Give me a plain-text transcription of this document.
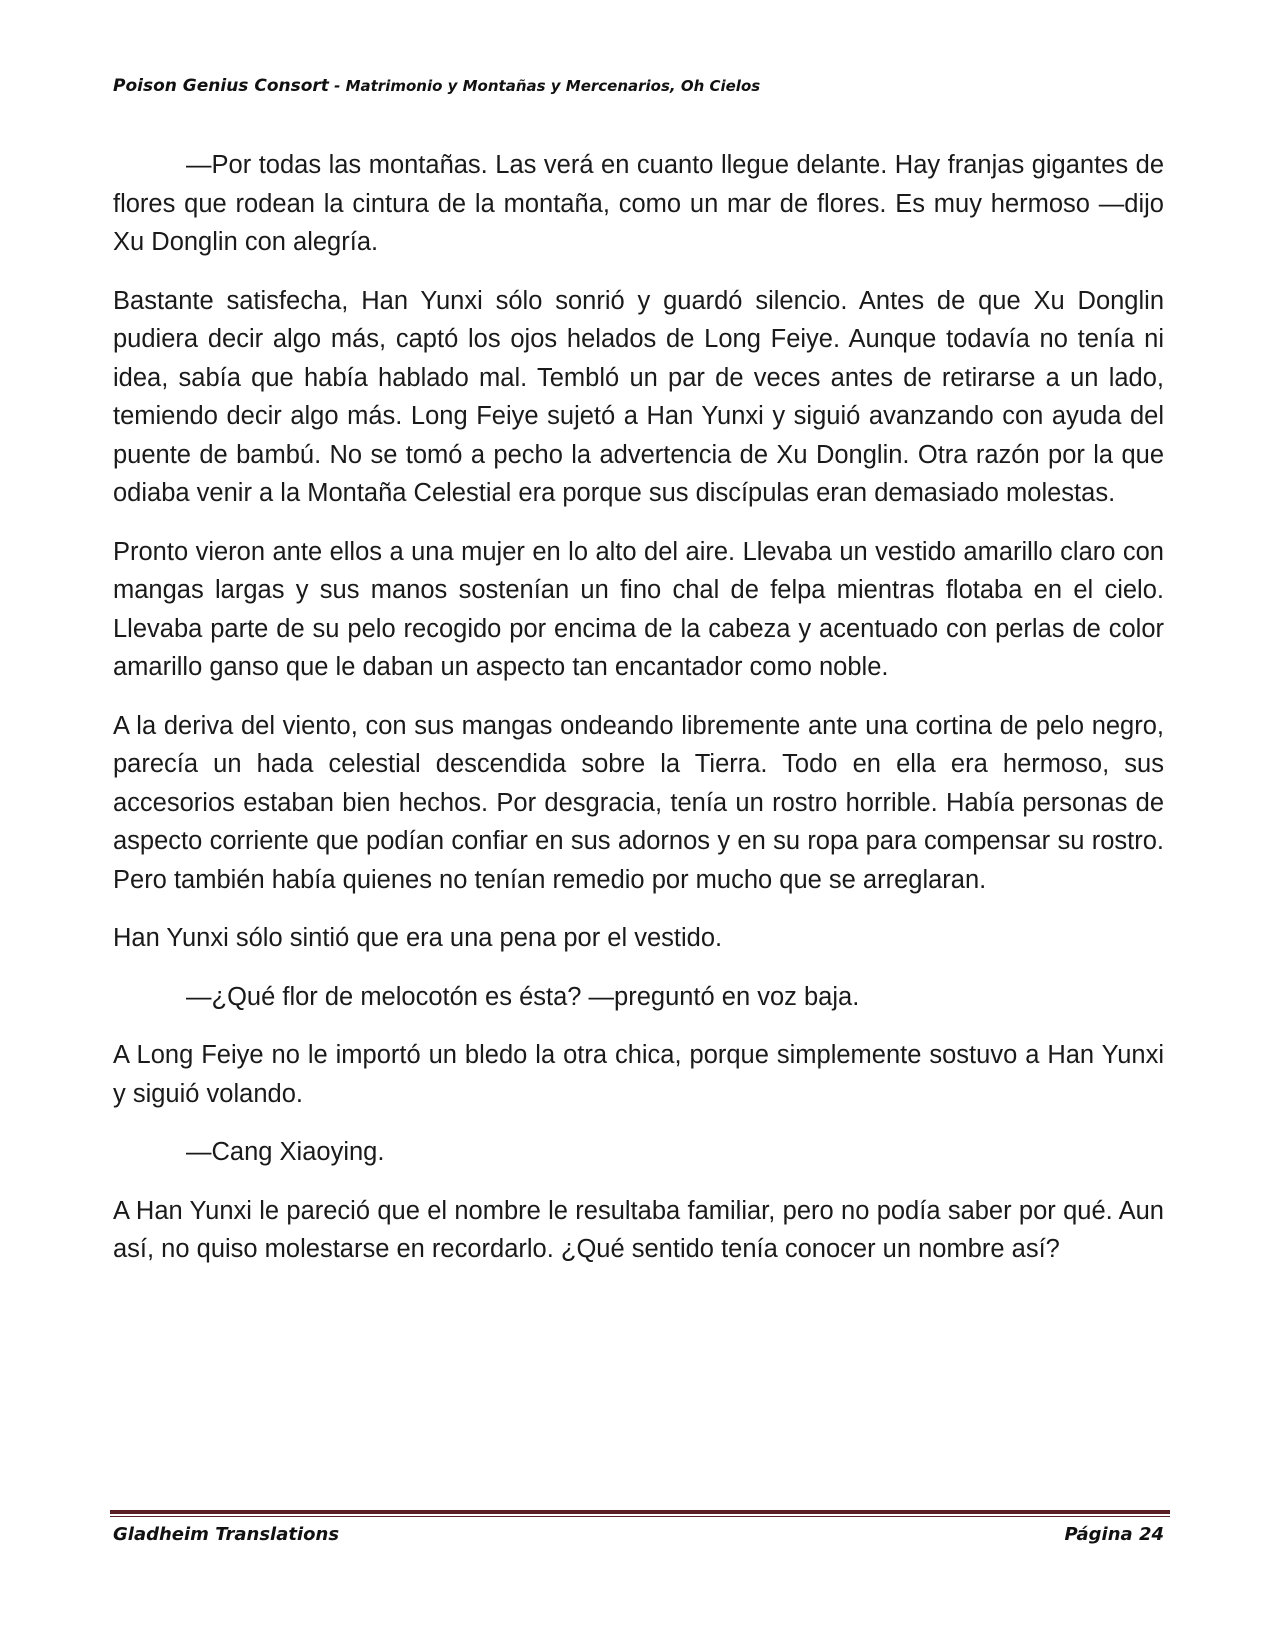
Poison Genius Consort - Matrimonio y Montañas y Mercenarios, Oh Cielos

—Por todas las montañas. Las verá en cuanto llegue delante. Hay franjas gigantes de flores que rodean la cintura de la montaña, como un mar de flores. Es muy hermoso —dijo Xu Donglin con alegría.

Bastante satisfecha, Han Yunxi sólo sonrió y guardó silencio. Antes de que Xu Donglin pudiera decir algo más, captó los ojos helados de Long Feiye. Aunque todavía no tenía ni idea, sabía que había hablado mal. Tembló un par de veces antes de retirarse a un lado, temiendo decir algo más. Long Feiye sujetó a Han Yunxi y siguió avanzando con ayuda del puente de bambú. No se tomó a pecho la advertencia de Xu Donglin. Otra razón por la que odiaba venir a la Montaña Celestial era porque sus discípulas eran demasiado molestas.

Pronto vieron ante ellos a una mujer en lo alto del aire. Llevaba un vestido amarillo claro con mangas largas y sus manos sostenían un fino chal de felpa mientras flotaba en el cielo. Llevaba parte de su pelo recogido por encima de la cabeza y acentuado con perlas de color amarillo ganso que le daban un aspecto tan encantador como noble.

A la deriva del viento, con sus mangas ondeando libremente ante una cortina de pelo negro, parecía un hada celestial descendida sobre la Tierra. Todo en ella era hermoso, sus accesorios estaban bien hechos. Por desgracia, tenía un rostro horrible. Había personas de aspecto corriente que podían confiar en sus adornos y en su ropa para compensar su rostro. Pero también había quienes no tenían remedio por mucho que se arreglaran.

Han Yunxi sólo sintió que era una pena por el vestido.

—¿Qué flor de melocotón es ésta? —preguntó en voz baja.

A Long Feiye no le importó un bledo la otra chica, porque simplemente sostuvo a Han Yunxi y siguió volando.

—Cang Xiaoying.

A Han Yunxi le pareció que el nombre le resultaba familiar, pero no podía saber por qué. Aun así, no quiso molestarse en recordarlo. ¿Qué sentido tenía conocer un nombre así?

Gladheim Translations	Página 24
